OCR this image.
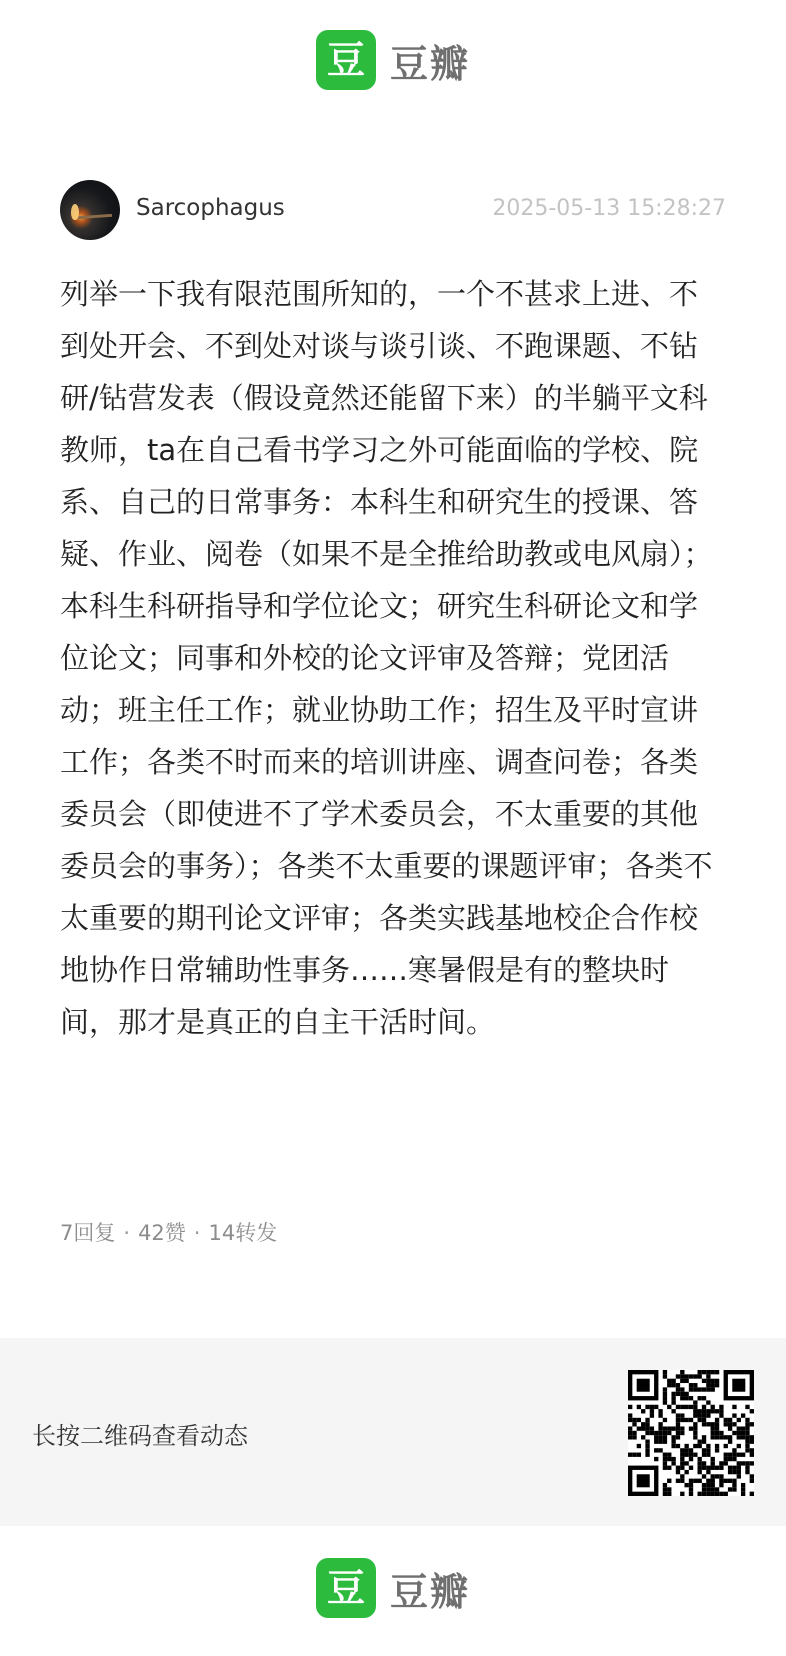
豆 豆瓣
Sarcophagus	2025-05-13 15:28:27

列举一下我有限范围所知的，一个不甚求上进、不到处开会、不到处对谈与谈引谈、不跑课题、不钻研/钻营发表（假设竟然还能留下来）的半躺平文科教师，ta在自己看书学习之外可能面临的学校、院系、自己的日常事务：本科生和研究生的授课、答疑、作业、阅卷（如果不是全推给助教或电风扇）；本科生科研指导和学位论文；研究生科研论文和学位论文；同事和外校的论文评审及答辩；党团活动；班主任工作；就业协助工作；招生及平时宣讲工作；各类不时而来的培训讲座、调查问卷；各类委员会（即使进不了学术委员会，不太重要的其他委员会的事务）；各类不太重要的课题评审；各类不太重要的期刊论文评审；各类实践基地校企合作校地协作日常辅助性事务……寒暑假是有的整块时间，那才是真正的自主干活时间。

7回复 · 42赞 · 14转发
长按二维码查看动态
豆 豆瓣
